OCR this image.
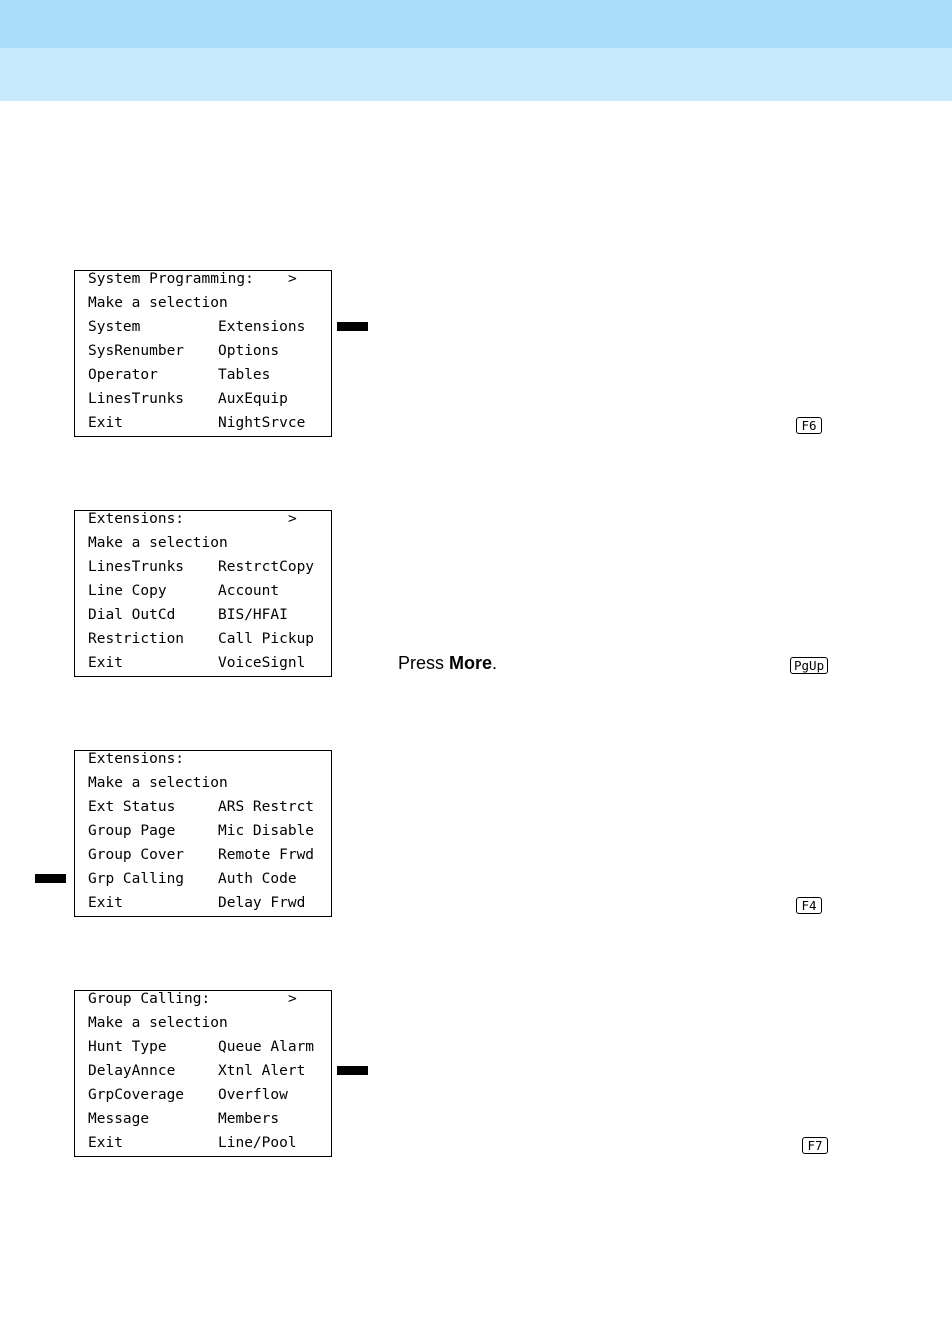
System Programming: >
Make a selection
System	Extensions
SysRenumber Options
Operator	Tables
LinesTrunks AuxEquip
Exit	NightSrvce	F6
Extensions:	>
Make a selection
LinesTrunks RestrctCopy
Line Copy	Account
Dial OutCd	BIS/HFAI
Restriction Call Pickup
Exit	VoiceSignl	Press More.	PgUp
Extensions:
Make a selection
Ext Status	ARS Restrct
Group Page	Mic Disable
Group Cover Remote Frwd
Grp Calling Auth Code
Exit	Delay Frwd	F4
Group Calling:	>
Make a selection
Hunt Type	Queue Alarm
DelayAnnce	Xtnl Alert
GrpCoverage Overflow
Message	Members
Exit	Line/Pool	F7
